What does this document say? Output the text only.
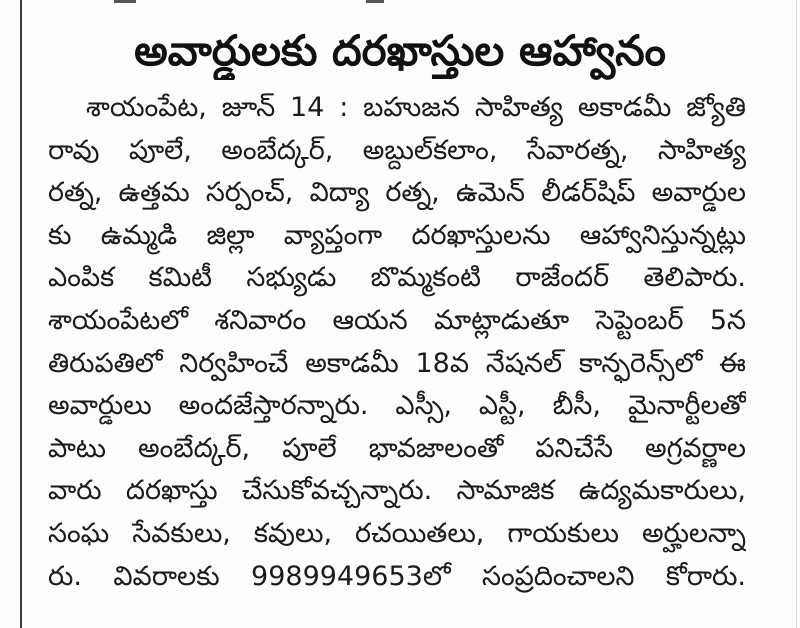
అవార్డులకు దరఖాస్తుల ఆహ్వానం
శాయంపేట, జూన్ 14 : బహుజన సాహిత్య అకాడమీ జ్యోతి
రావు పూలే, అంబేద్కర్, అబ్దుల్‌కలాం, సేవారత్న, సాహిత్య
రత్న, ఉత్తమ సర్పంచ్, విద్యా రత్న, ఉమెన్ లీడర్‌షిప్ అవార్డుల
కు ఉమ్మడి జిల్లా వ్యాప్తంగా దరఖాస్తులను ఆహ్వానిస్తున్నట్లు
ఎంపిక కమిటీ సభ్యుడు బొమ్మకంటి రాజేందర్ తెలిపారు.
శాయంపేటలో శనివారం ఆయన మాట్లాడుతూ సెప్టెంబర్ 5న
తిరుపతిలో నిర్వహించే అకాడమీ 18వ నేషనల్ కాన్ఫరెన్స్‌లో ఈ
అవార్డులు అందజేస్తారన్నారు. ఎస్సీ, ఎస్టీ, బీసీ, మైనార్టీలతో
పాటు అంబేద్కర్, పూలే భావజాలంతో పనిచేసే అగ్రవర్ణాల
వారు దరఖాస్తు చేసుకోవచ్చన్నారు. సామాజిక ఉద్యమకారులు,
సంఘ సేవకులు, కవులు, రచయితలు, గాయకులు అర్హులన్నా
రు. వివరాలకు 9989949653లో సంప్రదించాలని కోరారు.
